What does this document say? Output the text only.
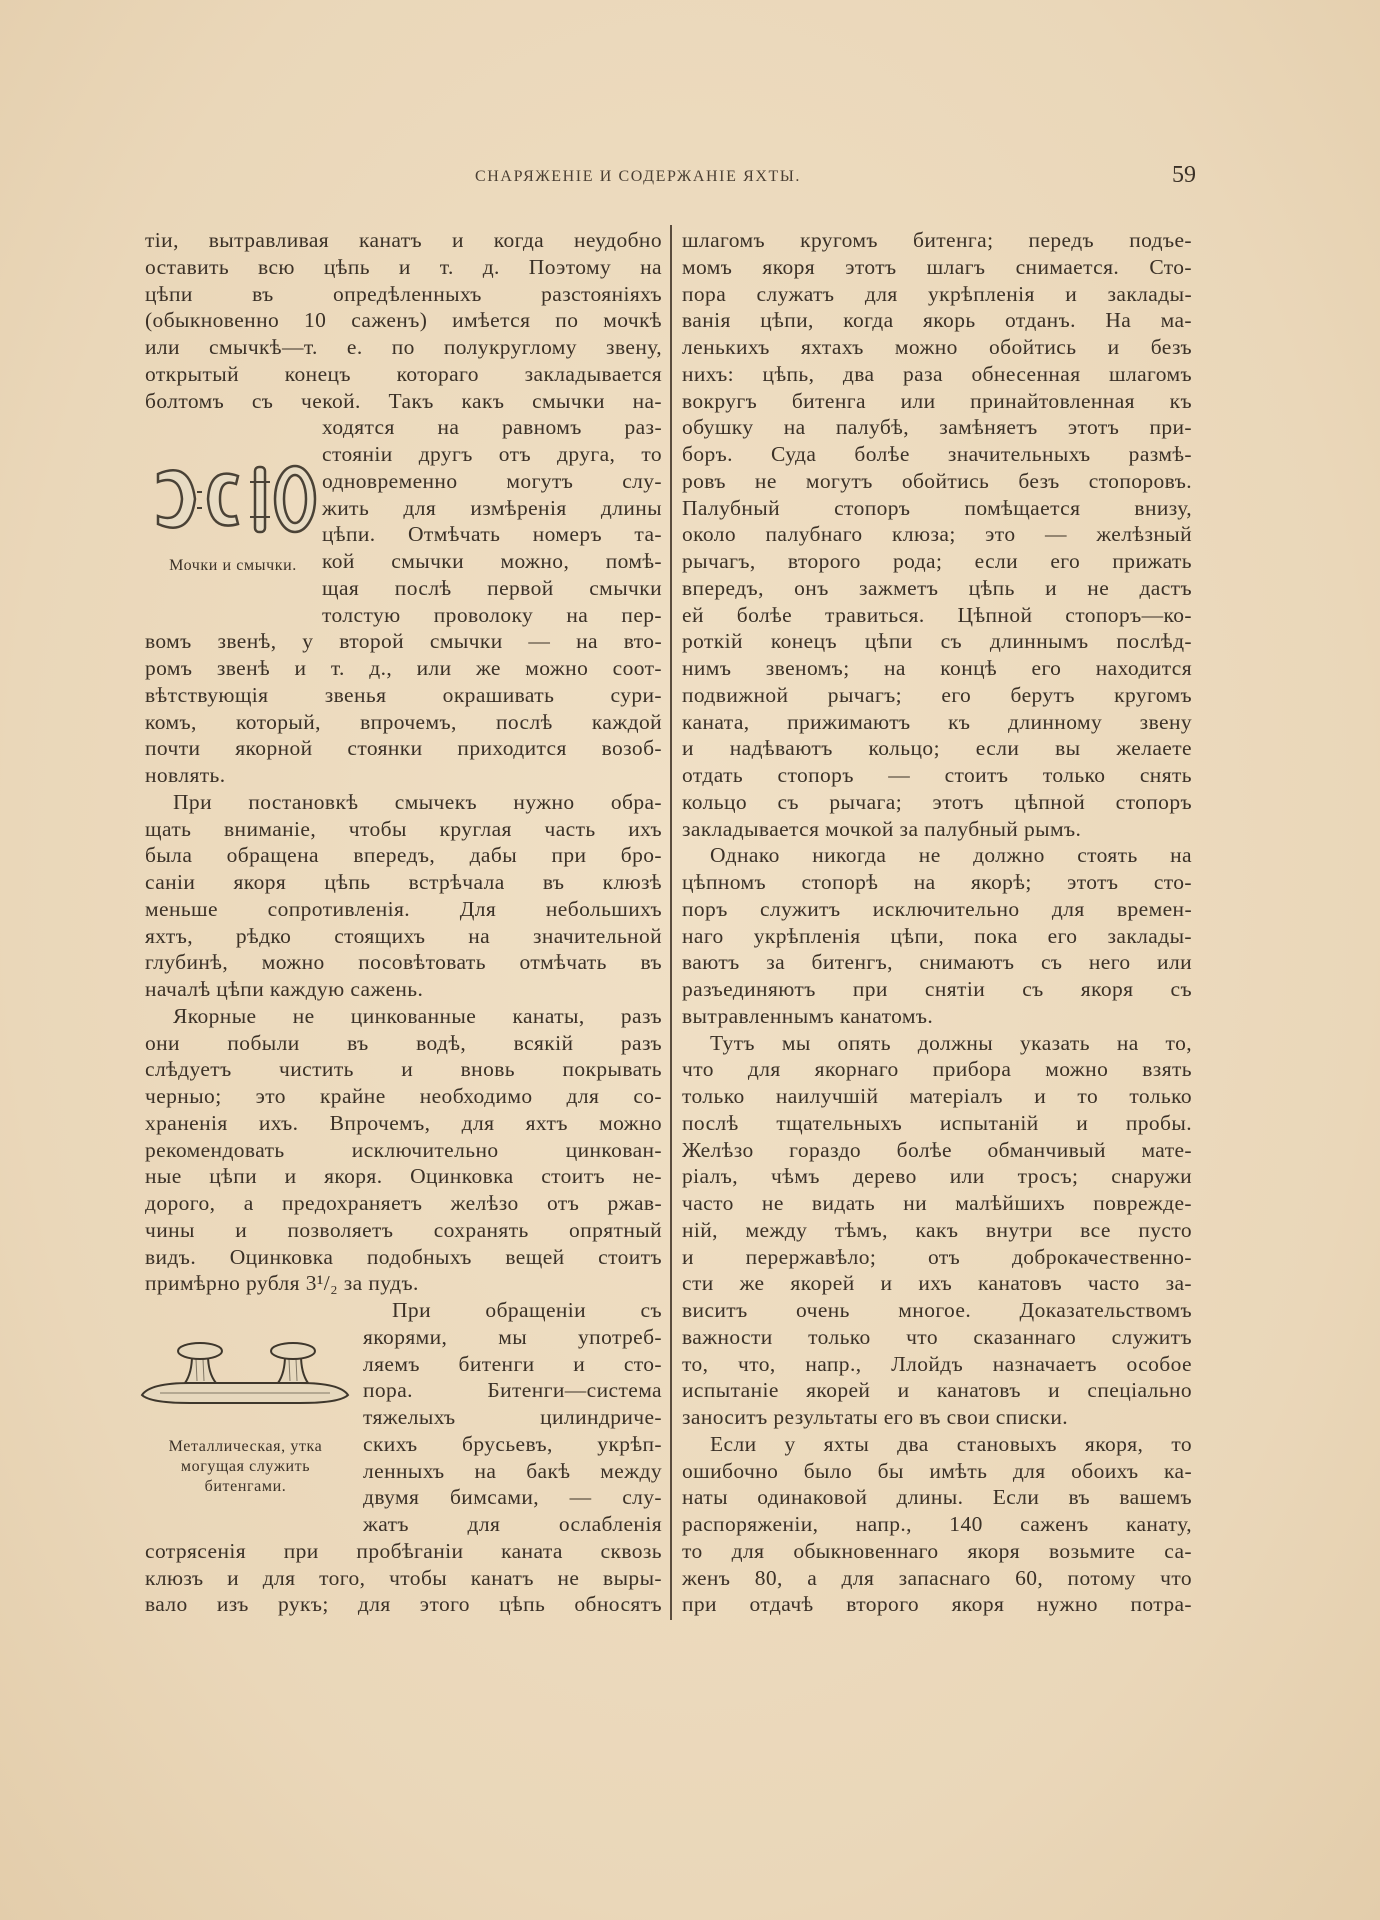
СНАРЯЖЕНІЕ И СОДЕРЖАНІЕ ЯХТЫ.	59
тіи, вытравливая канатъ и когда неудобно
оставить всю цѣпь и т. д. Поэтому на
цѣпи въ опредѣленныхъ разстояніяхъ
(обыкновенно 10 саженъ) имѣется по мочкѣ
или смычкѣ—т. е. по полукруглому звену,
открытый конецъ котораго закладывается
болтомъ съ чекой. Такъ какъ смычки на-
ходятся на равномъ раз-
стояніи другъ отъ друга, то
одновременно могутъ слу-
жить для измѣренія длины
цѣпи. Отмѣчать номеръ та-
кой смычки можно, помѣ-
щая послѣ первой смычки
толстую проволоку на пер-
вомъ звенѣ, у второй смычки — на вто-
ромъ звенѣ и т. д., или же можно соот-
вѣтствующія звенья окрашивать сури-
комъ, который, впрочемъ, послѣ каждой
почти якорной стоянки приходится возоб-
новлять.
При постановкѣ смычекъ нужно обра-
щать вниманіе, чтобы круглая часть ихъ
была обращена впередъ, дабы при бро-
саніи якоря цѣпь встрѣчала въ клюзѣ
меньше сопротивленія. Для небольшихъ
яхтъ, рѣдко стоящихъ на значительной
глубинѣ, можно посовѣтовать отмѣчать въ
началѣ цѣпи каждую сажень.
Якорные не цинкованные канаты, разъ
они побыли въ водѣ, всякій разъ
слѣдуетъ чистить и вновь покрывать
черныо; это крайне необходимо для со-
храненія ихъ. Впрочемъ, для яхтъ можно
рекомендовать исключительно цинкован-
ные цѣпи и якоря. Оцинковка стоитъ не-
дорого, а предохраняетъ желѣзо отъ ржав-
чины и позволяетъ сохранять опрятный
видъ. Оцинковка подобныхъ вещей стоитъ
примѣрно рубля 3¹/₂ за пудъ.
При обращеніи съ
якорями, мы употреб-
ляемъ битенги и сто-
пора. Битенги—система
тяжелыхъ цилиндриче-
скихъ брусьевъ, укрѣп-
ленныхъ на бакѣ между
двумя бимсами, — слу-
жатъ для ослабленія
сотрясенія при пробѣганіи каната сквозь
клюзъ и для того, чтобы канатъ не выры-
вало изъ рукъ; для этого цѣпь обносятъ
шлагомъ кругомъ битенга; передъ подъе-
момъ якоря этотъ шлагъ снимается. Сто-
пора служатъ для укрѣпленія и заклады-
ванія цѣпи, когда якорь отданъ. На ма-
ленькихъ яхтахъ можно обойтись и безъ
нихъ: цѣпь, два раза обнесенная шлагомъ
вокругъ битенга или принайтовленная къ
обушку на палубѣ, замѣняетъ этотъ при-
боръ. Суда болѣе значительныхъ размѣ-
ровъ не могутъ обойтись безъ стопоровъ.
Палубный стопоръ помѣщается внизу,
около палубнаго клюза; это — желѣзный
рычагъ, второго рода; если его прижать
впередъ, онъ зажметъ цѣпь и не дастъ
ей болѣе травиться. Цѣпной стопоръ—ко-
роткій конецъ цѣпи съ длиннымъ послѣд-
нимъ звеномъ; на концѣ его находится
подвижной рычагъ; его берутъ кругомъ
каната, прижимаютъ къ длинному звену
и надѣваютъ кольцо; если вы желаете
отдать стопоръ — стоитъ только снять
кольцо съ рычага; этотъ цѣпной стопоръ
закладывается мочкой за палубный рымъ.
Однако никогда не должно стоять на
цѣпномъ стопорѣ на якорѣ; этотъ сто-
поръ служитъ исключительно для времен-
наго укрѣпленія цѣпи, пока его заклады-
ваютъ за битенгъ, снимаютъ съ него или
разъединяютъ при снятіи съ якоря съ
вытравленнымъ канатомъ.
Тутъ мы опять должны указать на то,
что для якорнаго прибора можно взять
только наилучшій матеріалъ и то только
послѣ тщательныхъ испытаній и пробы.
Желѣзо гораздо болѣе обманчивый мате-
ріалъ, чѣмъ дерево или тросъ; снаружи
часто не видать ни малѣйшихъ поврежде-
ній, между тѣмъ, какъ внутри все пусто
и перержавѣло; отъ доброкачественно-
сти же якорей и ихъ канатовъ часто за-
виситъ очень многое. Доказательствомъ
важности только что сказаннаго служитъ
то, что, напр., Ллойдъ назначаетъ особое
испытаніе якорей и канатовъ и спеціально
заноситъ результаты его въ свои списки.
Если у яхты два становыхъ якоря, то
ошибочно было бы имѣть для обоихъ ка-
наты одинаковой длины. Если въ вашемъ
распоряженіи, напр., 140 саженъ канату,
то для обыкновеннаго якоря возьмите са-
женъ 80, а для запаснаго 60, потому что
при отдачѣ второго якоря нужно потра-
Мочки и смычки.
Металлическая, утка
могущая служить
битенгами.
